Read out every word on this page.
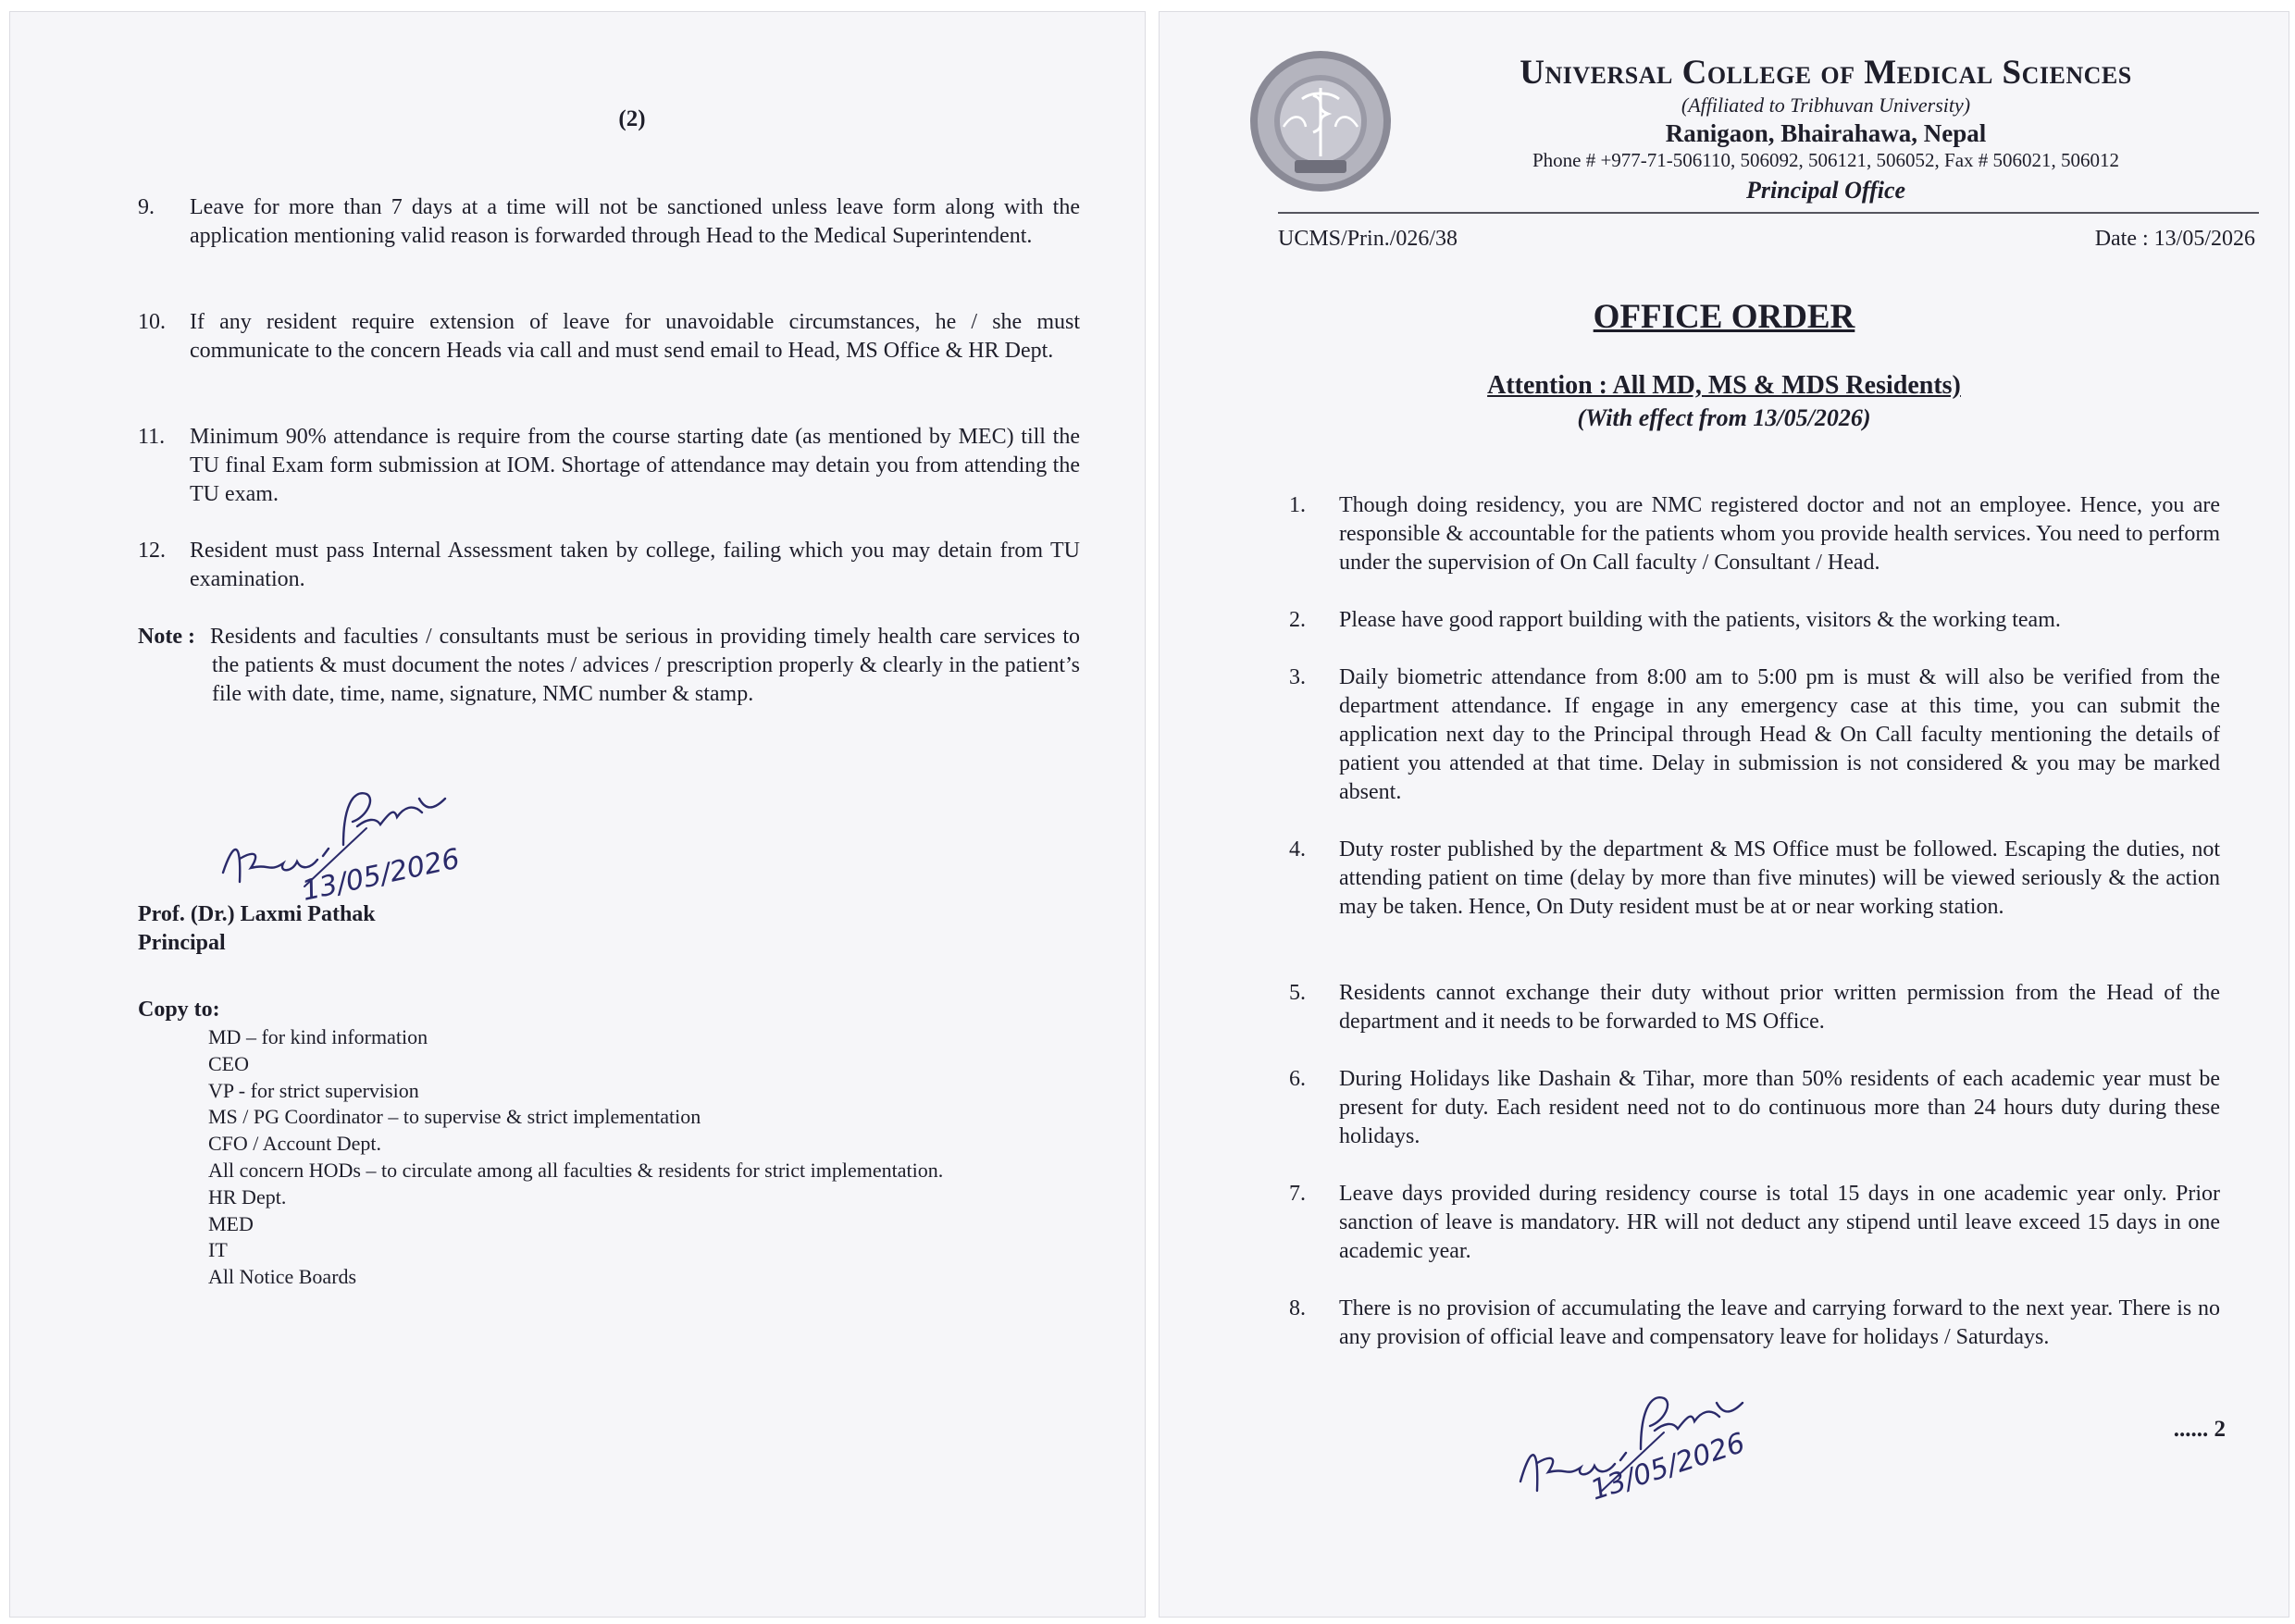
(2)
9. Leave for more than 7 days at a time will not be sanctioned unless leave form along with the application mentioning valid reason is forwarded through Head to the Medical Superintendent.
10. If any resident require extension of leave for unavoidable circumstances, he / she must communicate to the concern Heads via call and must send email to Head, MS Office & HR Dept.
11. Minimum 90% attendance is require from the course starting date (as mentioned by MEC) till the TU final Exam form submission at IOM. Shortage of attendance may detain you from attending the TU exam.
12. Resident must pass Internal Assessment taken by college, failing which you may detain from TU examination.
Note : Residents and faculties / consultants must be serious in providing timely health care services to the patients & must document the notes / advices / prescription properly & clearly in the patient’s file with date, time, name, signature, NMC number & stamp.
13/05/2026
Prof. (Dr.) Laxmi Pathak
Principal
Copy to:
MD – for kind information
CEO
VP - for strict supervision
MS / PG Coordinator – to supervise & strict implementation
CFO / Account Dept.
All concern HODs – to circulate among all faculties & residents for strict implementation.
HR Dept.
MED
IT
All Notice Boards
Universal College of Medical Sciences
(Affiliated to Tribhuvan University)
Ranigaon, Bhairahawa, Nepal
Phone # +977-71-506110, 506092, 506121, 506052, Fax # 506021, 506012
Principal Office
UCMS/Prin./026/38	Date : 13/05/2026
OFFICE ORDER
Attention : All MD, MS & MDS Residents)
(With effect from 13/05/2026)
1. Though doing residency, you are NMC registered doctor and not an employee. Hence, you are responsible & accountable for the patients whom you provide health services. You need to perform under the supervision of On Call faculty / Consultant / Head.
2. Please have good rapport building with the patients, visitors & the working team.
3. Daily biometric attendance from 8:00 am to 5:00 pm is must & will also be verified from the department attendance. If engage in any emergency case at this time, you can submit the application next day to the Principal through Head & On Call faculty mentioning the details of patient you attended at that time. Delay in submission is not considered & you may be marked absent.
4. Duty roster published by the department & MS Office must be followed. Escaping the duties, not attending patient on time (delay by more than five minutes) will be viewed seriously & the action may be taken. Hence, On Duty resident must be at or near working station.
5. Residents cannot exchange their duty without prior written permission from the Head of the department and it needs to be forwarded to MS Office.
6. During Holidays like Dashain & Tihar, more than 50% residents of each academic year must be present for duty. Each resident need not to do continuous more than 24 hours duty during these holidays.
7. Leave days provided during residency course is total 15 days in one academic year only. Prior sanction of leave is mandatory. HR will not deduct any stipend until leave exceed 15 days in one academic year.
8. There is no provision of accumulating the leave and carrying forward to the next year. There is no any provision of official leave and compensatory leave for holidays / Saturdays.
13/05/2026	...... 2
